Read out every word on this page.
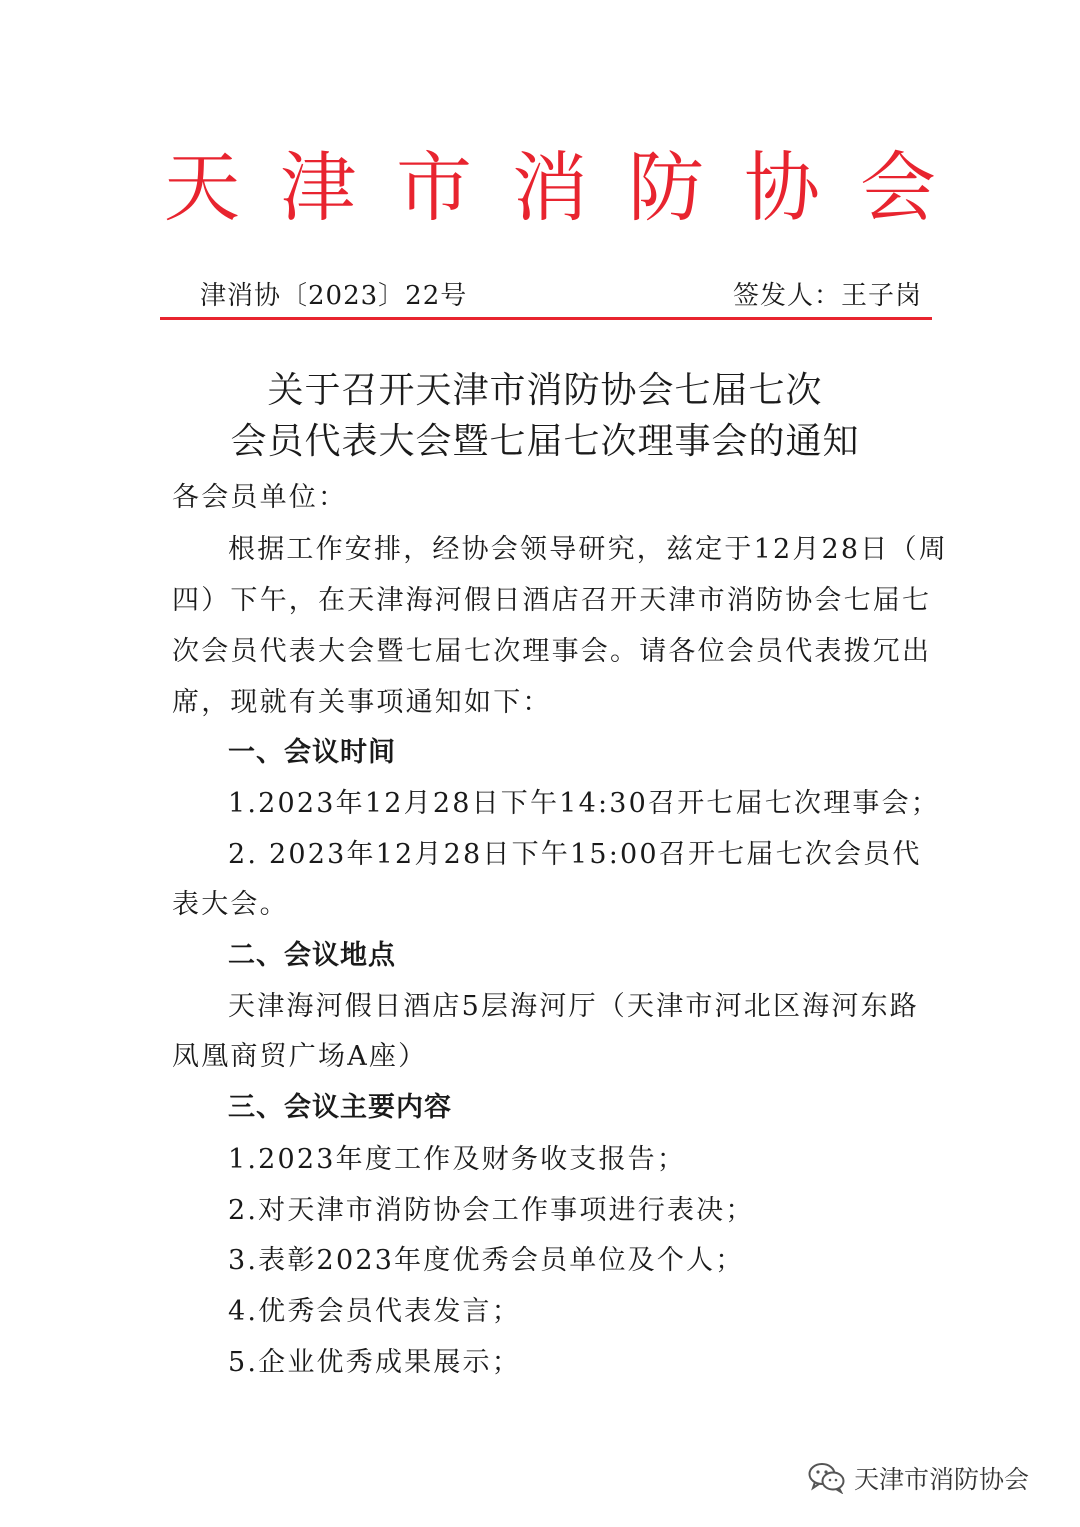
天 津 市 消 防 协 会
津消协〔2023〕22号	签发人：王子岗
关于召开天津市消防协会七届七次
会员代表大会暨七届七次理事会的通知
各会员单位：
根据工作安排，经协会领导研究，兹定于12月28日（周
四）下午，在天津海河假日酒店召开天津市消防协会七届七
次会员代表大会暨七届七次理事会。请各位会员代表拨冗出
席，现就有关事项通知如下：
一、会议时间
1.2023年12月28日下午14:30召开七届七次理事会；
2. 2023年12月28日下午15:00召开七届七次会员代
表大会。
二、会议地点
天津海河假日酒店5层海河厅（天津市河北区海河东路
凤凰商贸广场A座）
三、会议主要内容
1.2023年度工作及财务收支报告；
2.对天津市消防协会工作事项进行表决；
3.表彰2023年度优秀会员单位及个人；
4.优秀会员代表发言；
5.企业优秀成果展示；
天津市消防协会
